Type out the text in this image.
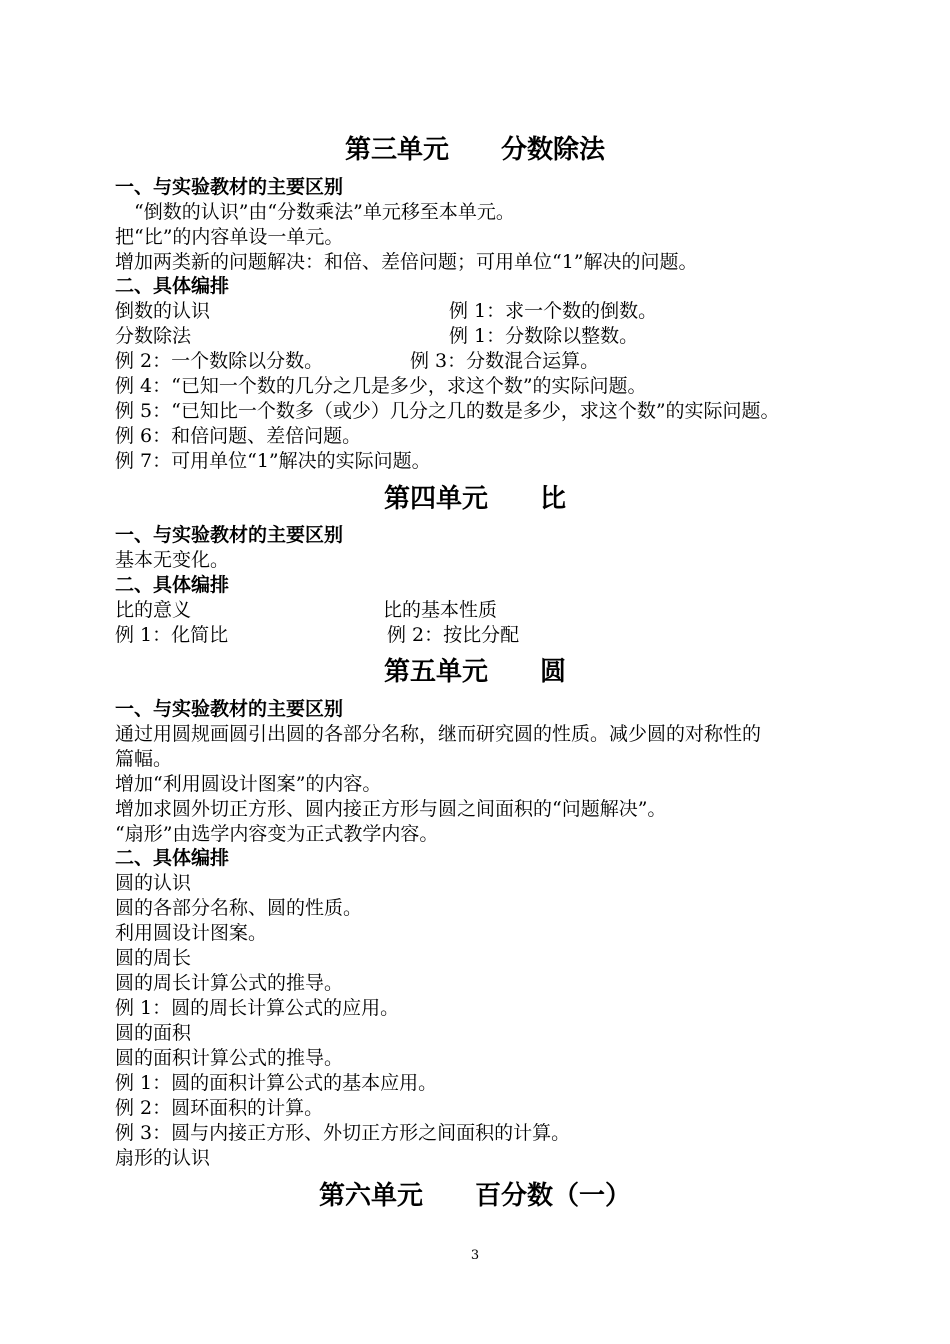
第三单元　　分数除法
一、与实验教材的主要区别
　“倒数的认识”由“分数乘法”单元移至本单元。
把“比”的内容单设一单元。
增加两类新的问题解决：和倍、差倍问题；可用单位“1”解决的问题。
二、具体编排
倒数的认识	例 1：求一个数的倒数。
分数除法	例 1：分数除以整数。
例 2：一个数除以分数。	例 3：分数混合运算。
例 4：“已知一个数的几分之几是多少，求这个数”的实际问题。
例 5：“已知比一个数多（或少）几分之几的数是多少，求这个数”的实际问题。
例 6：和倍问题、差倍问题。
例 7：可用单位“1”解决的实际问题。
第四单元　　比
一、与实验教材的主要区别
基本无变化。
二、具体编排
比的意义	比的基本性质
例 1：化简比	例 2：按比分配
第五单元　　圆
一、与实验教材的主要区别
通过用圆规画圆引出圆的各部分名称，继而研究圆的性质。减少圆的对称性的
篇幅。
增加“利用圆设计图案”的内容。
增加求圆外切正方形、圆内接正方形与圆之间面积的“问题解决”。
“扇形”由选学内容变为正式教学内容。
二、具体编排
圆的认识
圆的各部分名称、圆的性质。
利用圆设计图案。
圆的周长
圆的周长计算公式的推导。
例 1：圆的周长计算公式的应用。
圆的面积
圆的面积计算公式的推导。
例 1：圆的面积计算公式的基本应用。
例 2：圆环面积的计算。
例 3：圆与内接正方形、外切正方形之间面积的计算。
扇形的认识
第六单元　　百分数（一）
3
